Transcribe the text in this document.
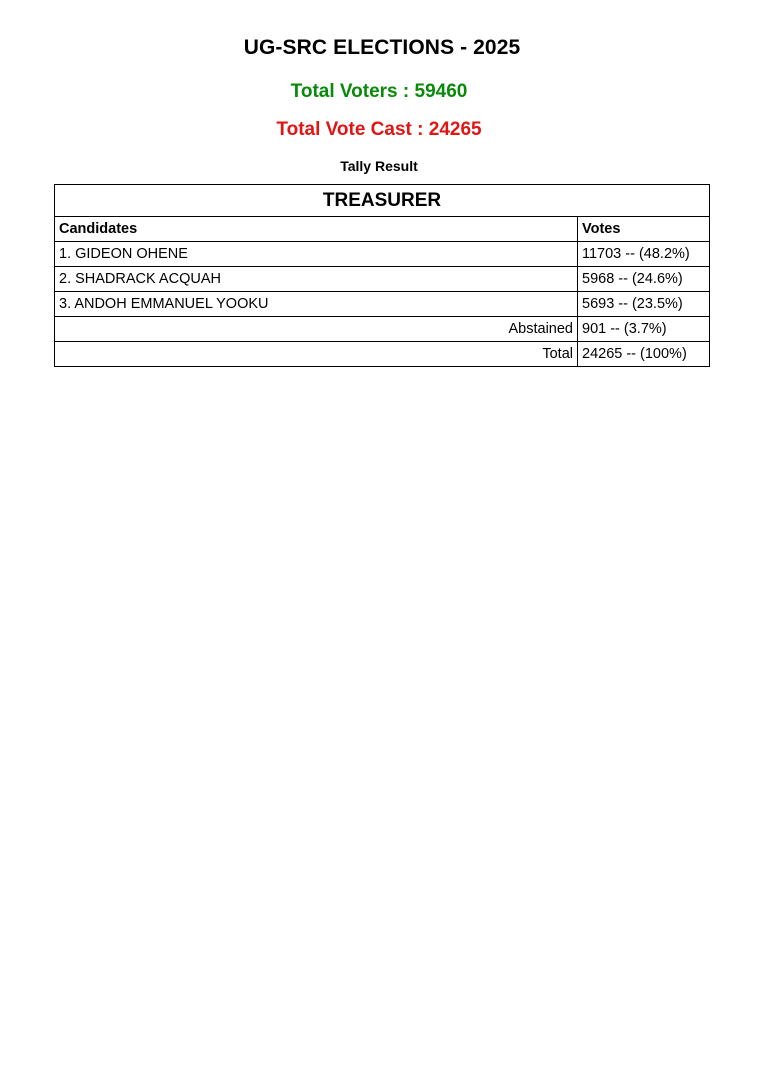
UG-SRC ELECTIONS - 2025
Total Voters : 59460
Total Vote Cast : 24265
Tally Result
TREASURER	
Candidates	Votes
1. GIDEON OHENE	11703 -- (48.2%)
2. SHADRACK ACQUAH	5968 -- (24.6%)
3. ANDOH EMMANUEL YOOKU	5693 -- (23.5%)
Abstained	901 -- (3.7%)
Total	24265 -- (100%)
